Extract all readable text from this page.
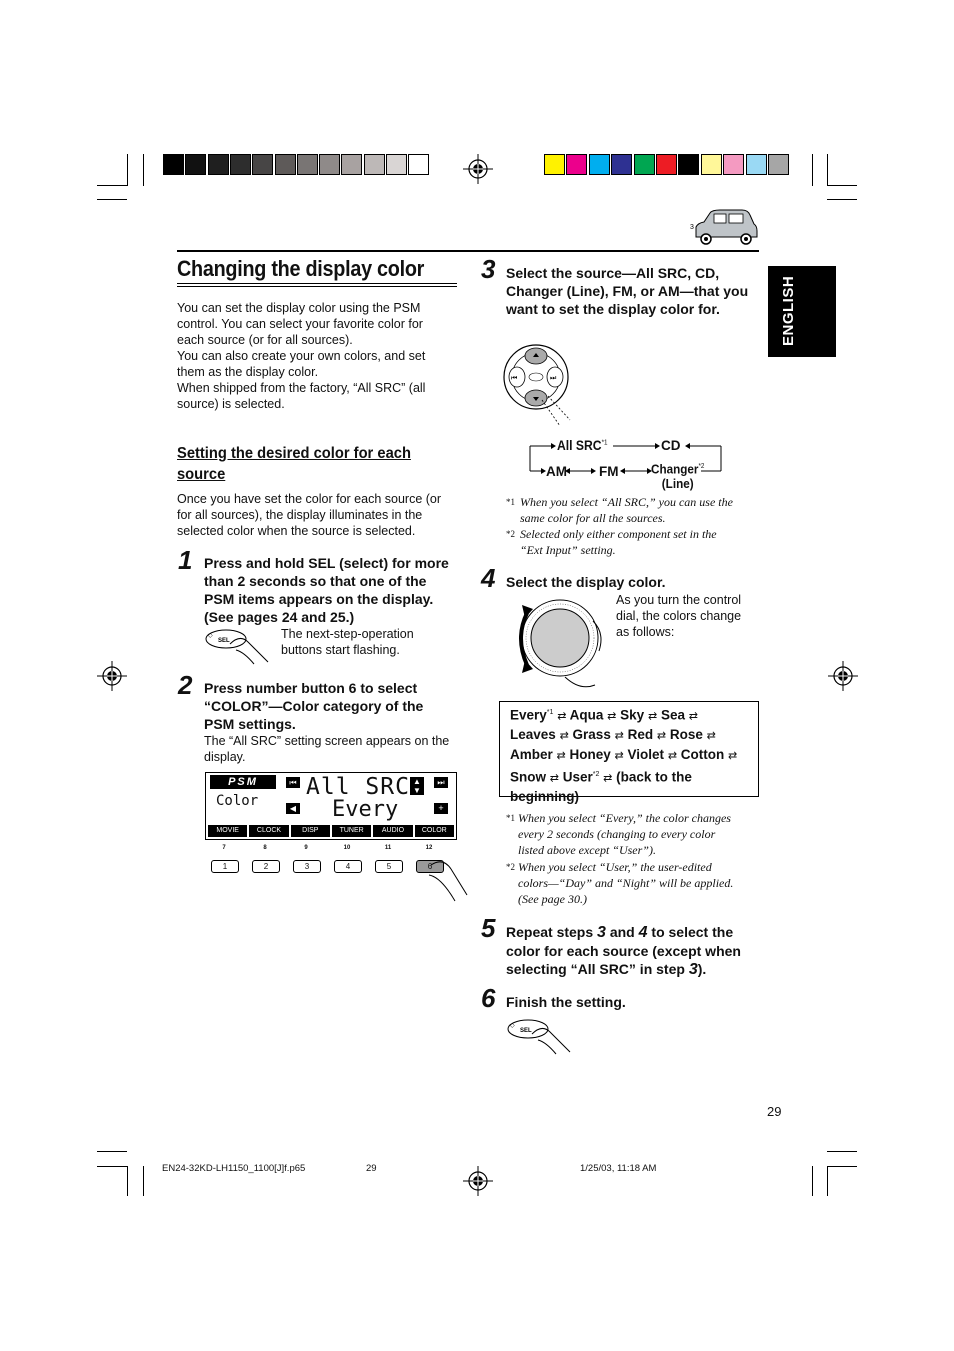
3
ENGLISH
Changing the display color
You can set the display color using the PSM
control. You can select your favorite color for
each source (or for all sources).
You can also create your own colors, and set
them as the display color.
When shipped from the factory, “All SRC” (all
source) is selected.
Setting the desired color for each
source
Once you have set the color for each source (or
for all sources), the display illuminates in the
selected color when the source is selected.
1 Press and hold SEL (select) for more
than 2 seconds so that one of the
PSM items appears on the display.
(See pages 24 and 25.)
SEL
◇	The next-step-operation
buttons start flashing.
2 Press number button 6 to select
“COLOR”—Color category of the
PSM settings.
The “All SRC” setting screen appears on the
display.
PSM
Color
All SRC
Every
⏮	▲
▼
⏭
◀	+
MOVIE	CLOCK	DISP	TUNER	AUDIO	COLOR
7
1
8
2
9
3
10
4
11
5
12
6
3 Select the source—All SRC, CD,
Changer (Line), FM, or AM—that you
want to set the display color for.
⏮	⏭
All SRC$^{*1}$	CD
AM FM	Changer$^{*2}$
(Line)
*1 When you select “All SRC,” you can use the
same color for all the sources.
*2 Selected only either component set in the
“Ext Input” setting.
4 Select the display color.
As you turn the control
dial, the colors change
as follows:
Every$^{*1}$ ⇄ Aqua ⇄ Sky ⇄ Sea ⇄
Leaves ⇄ Grass ⇄ Red ⇄ Rose ⇄
Amber ⇄ Honey ⇄ Violet ⇄ Cotton ⇄
Snow ⇄ User$^{*2}$ ⇄ (back to the
beginning)
*1 When you select “Every,” the color changes
every 2 seconds (changing to every color
listed above except “User”).
*2 When you select “User,” the user-edited
colors—“Day” and “Night” will be applied.
(See page 30.)
5 Repeat steps 3 and 4 to select the
color for each source (except when
selecting “All SRC” in step 3).
6 Finish the setting.
SEL
◇
29
EN24-32KD-LH1150_1100[J]f.p65	29	1/25/03, 11:18 AM
